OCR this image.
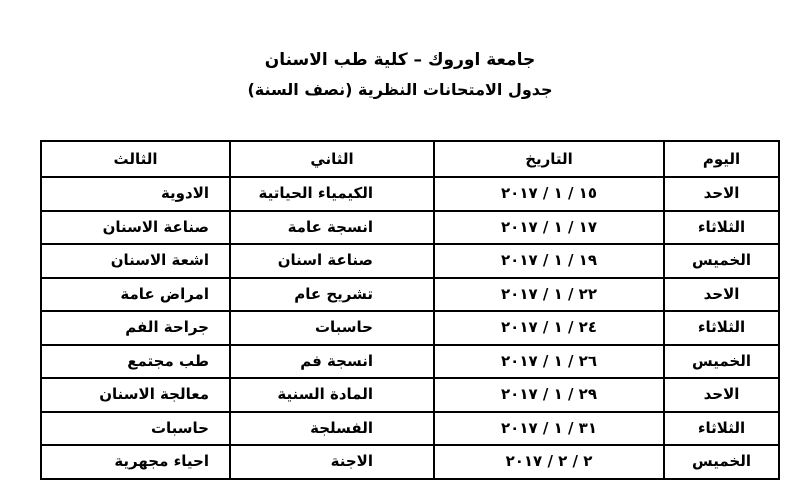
جامعة اوروك – كلية طب الاسنان
جدول الامتحانات النظرية (نصف السنة)
اليوم	التاريخ	الثاني	الثالث
الاحد	١٥ / ١ / ٢٠١٧	الكيمياء الحياتية	الادوية
الثلاثاء	١٧ / ١ / ٢٠١٧	انسجة عامة	صناعة الاسنان
الخميس	١٩ / ١ / ٢٠١٧	صناعة اسنان	اشعة الاسنان
الاحد	٢٢ / ١ / ٢٠١٧	تشريح عام	امراض عامة
الثلاثاء	٢٤ / ١ / ٢٠١٧	حاسبات	جراحة الفم
الخميس	٢٦ / ١ / ٢٠١٧	انسجة فم	طب مجتمع
الاحد	٢٩ / ١ / ٢٠١٧	المادة السنية	معالجة الاسنان
الثلاثاء	٣١ / ١ / ٢٠١٧	الفسلجة	حاسبات
الخميس	٢ / ٢ / ٢٠١٧	الاجنة	احياء مجهرية
